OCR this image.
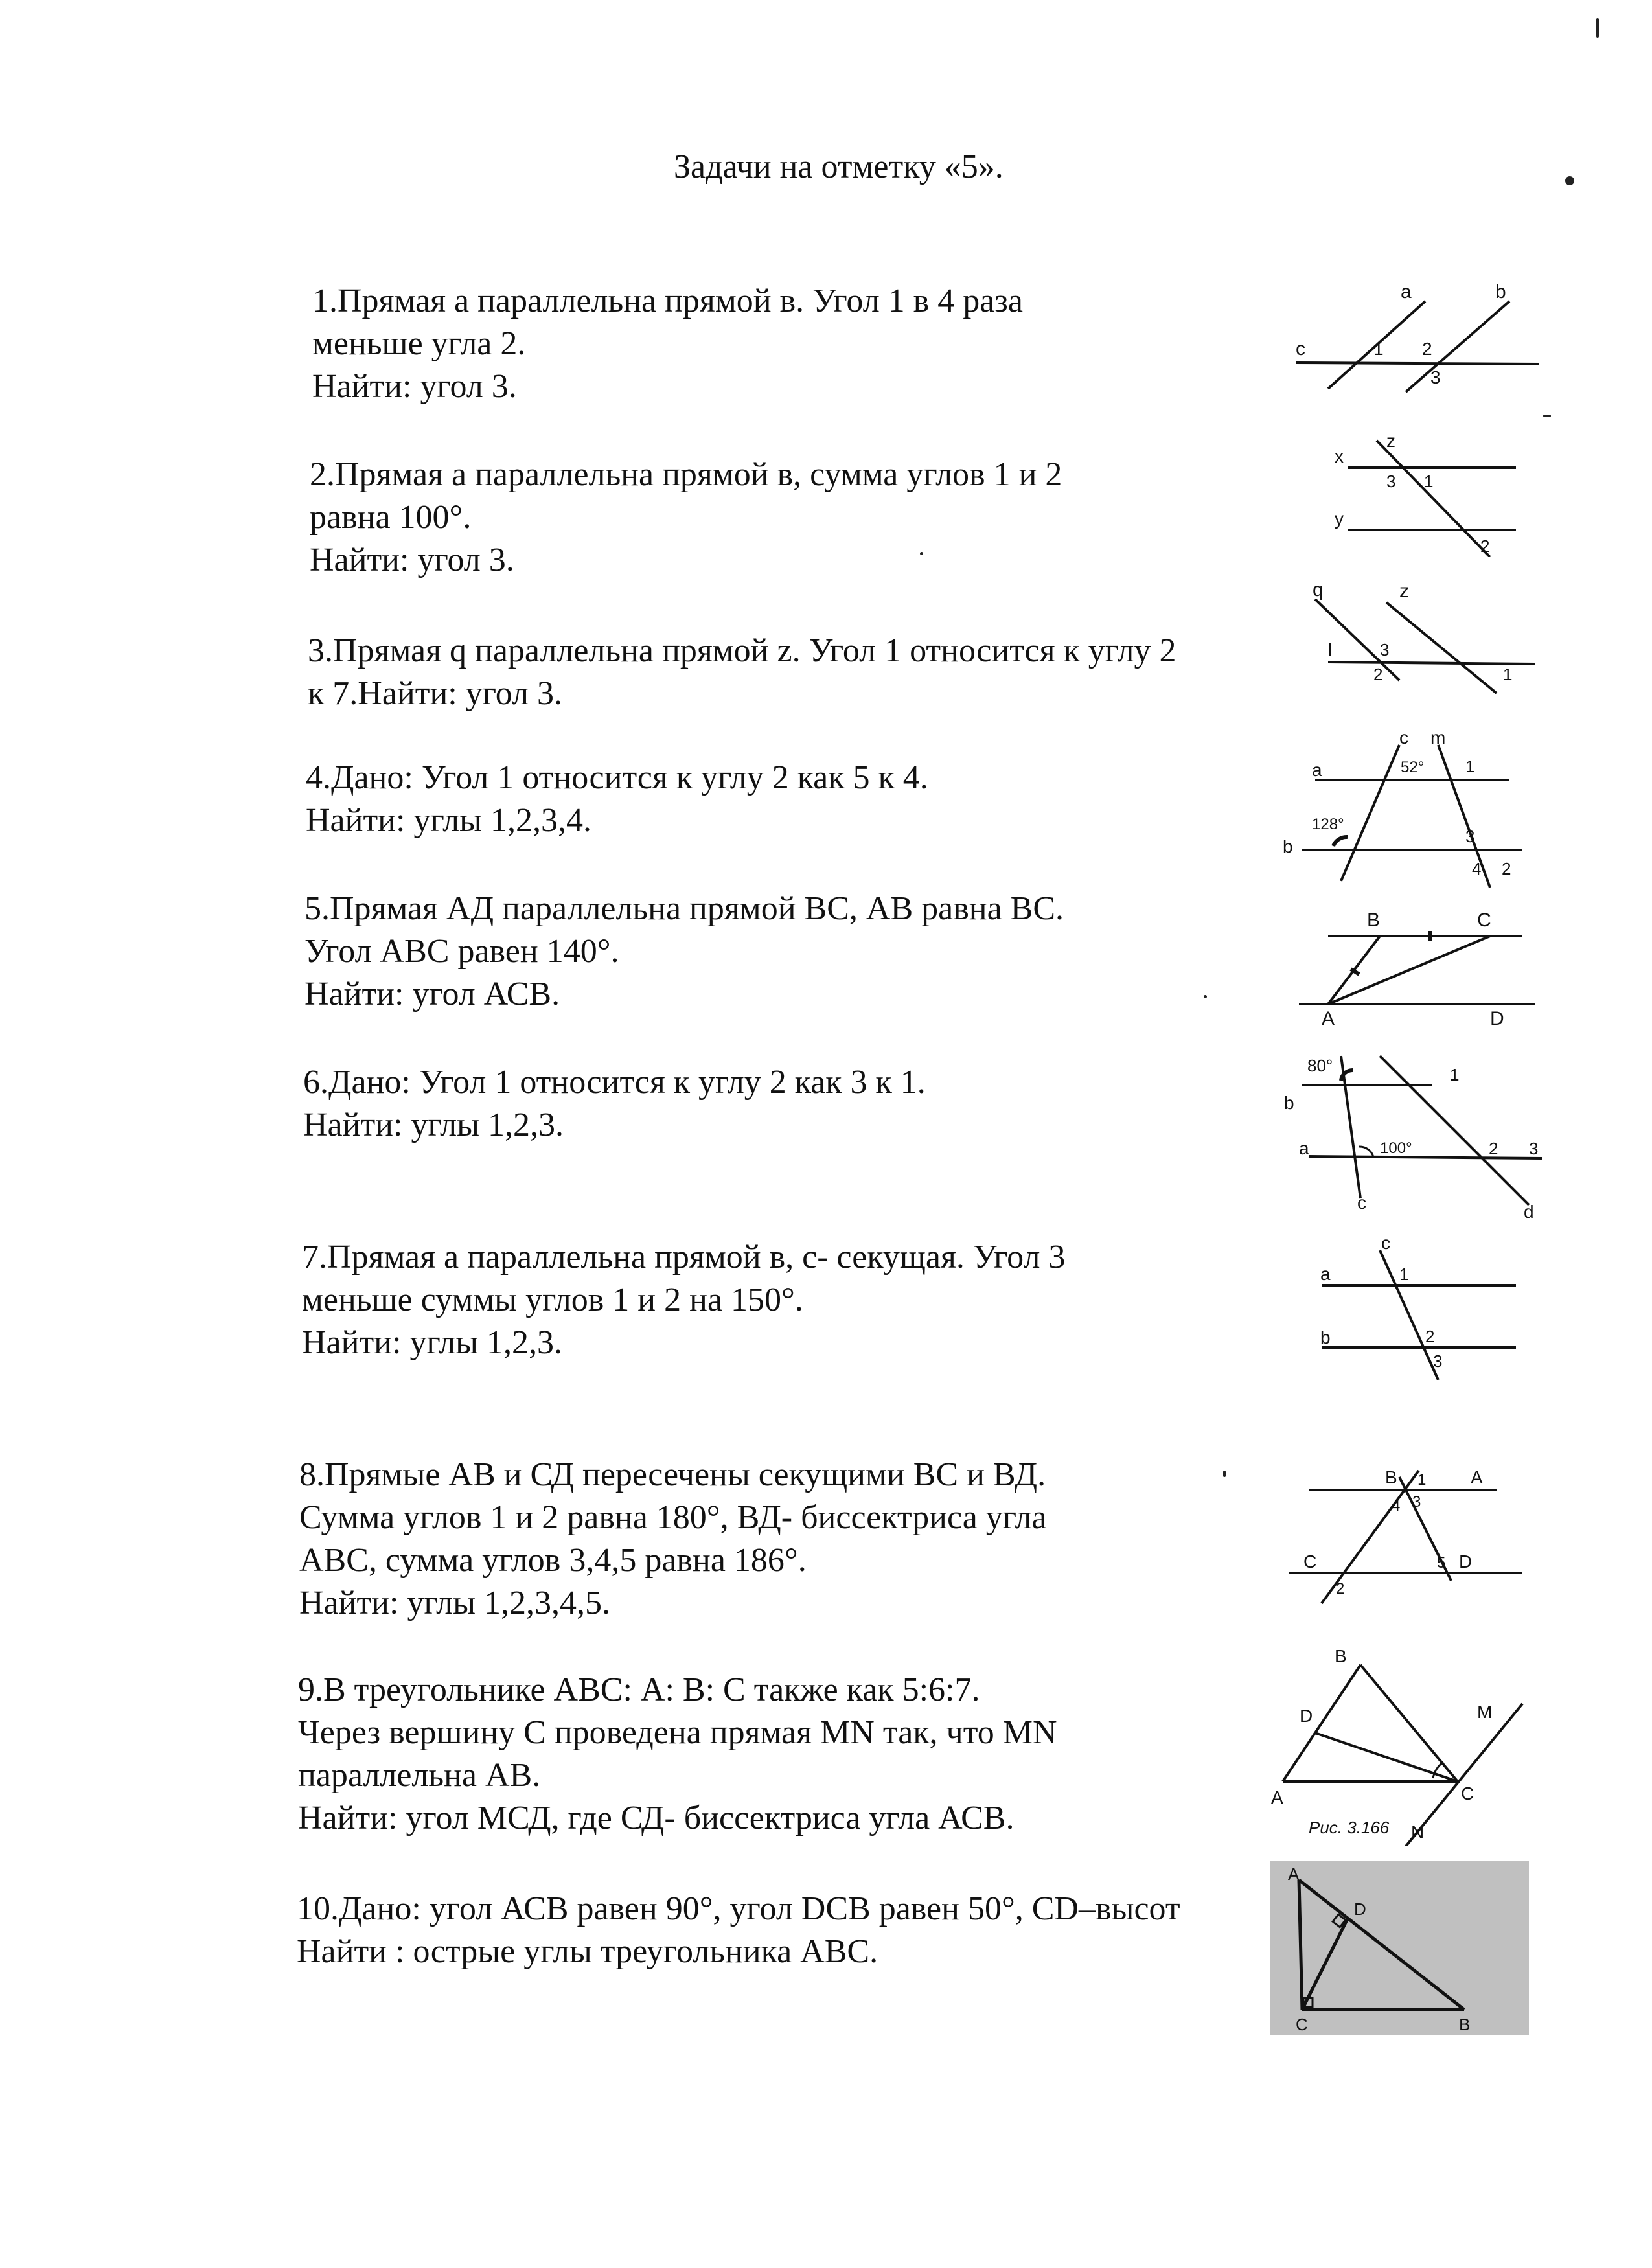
Задачи на отметку «5».
1.Прямая а параллельна прямой в. Угол 1 в 4 раза
меньше угла 2.
Найти: угол 3.
2.Прямая а параллельна прямой в, сумма углов 1 и 2
равна 100°.
Найти: угол 3.
3.Прямая q параллельна прямой z. Угол 1 относится к углу 2
к 7.Найти: угол 3.
4.Дано: Угол 1 относится к углу 2 как 5 к 4.
Найти: углы 1,2,3,4.
5.Прямая АД параллельна прямой ВС, АВ равна ВС.
Угол АВС равен 140°.
Найти: угол АСВ.
6.Дано: Угол 1 относится к углу 2 как 3 к 1.
Найти: углы 1,2,3.
7.Прямая а параллельна прямой в, с- секущая. Угол 3
меньше суммы углов 1 и 2 на 150°.
Найти: углы 1,2,3.
8.Прямые АВ и СД пересечены секущими ВС и ВД.
Сумма углов 1 и 2 равна 180°, ВД- биссектриса угла
АВС, сумма углов 3,4,5 равна 186°.
Найти: углы 1,2,3,4,5.
9.В треугольнике АВС: А: В: С также как 5:6:7.
Через вершину С проведена прямая МN так, что МN
параллельна АВ.
Найти: угол МСД, где СД- биссектриса угла АСВ.
10.Дано: угол АСВ равен 90°, угол DCB равен 50°, CD–высот
Найти : острые углы треугольника АВС.
a	b
c	1 2
3
x
y
z
3 1
2
q	z
l	3
2	1
c m
a
b
52°
128°
1
3
4 2
B	C
A	D
80°
b
a
c	d
100°
1
2 3
c
a
b
1
2
3
B	A
C	D
1
4 3
5
2
A
B
C
D	M
N
Рис. 3.166
A
D
C	B
